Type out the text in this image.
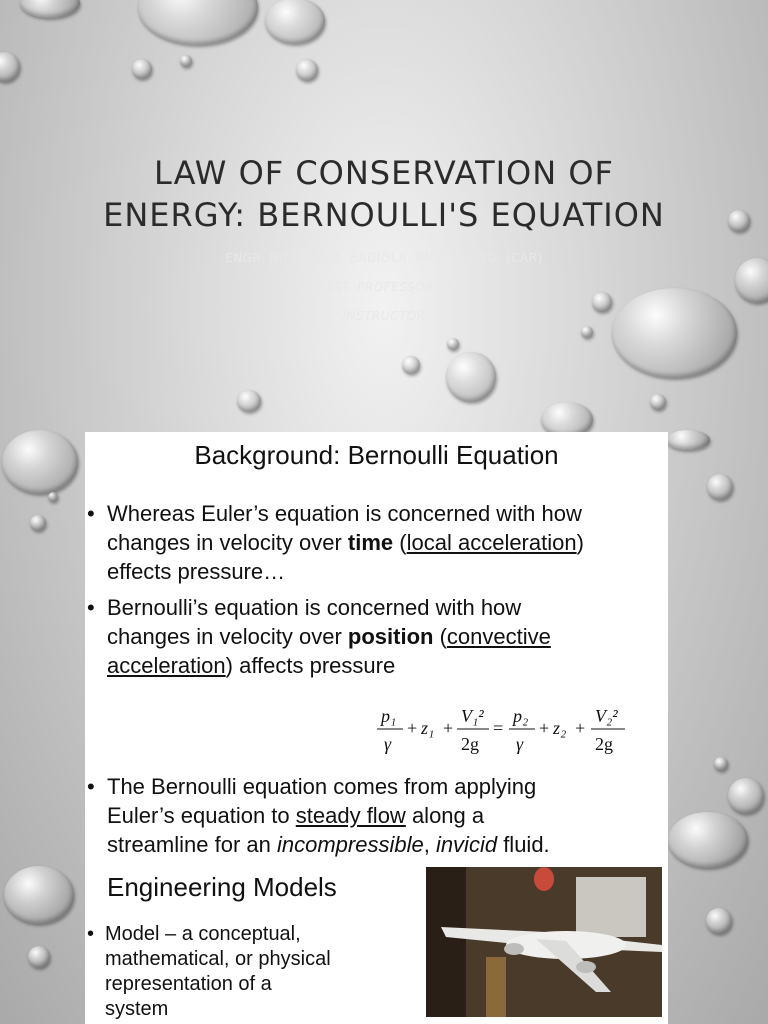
LAW OF CONSERVATION OF
ENERGY: BERNOULLI'S EQUATION
ENGR. RICHARD A. BADIOLA, RMP, D. ENG. (CAR)
ASST. PROFESSOR III
INSTRUCTOR
Background: Bernoulli Equation
• Whereas Euler’s equation is concerned with how
changes in velocity over time (local acceleration)
effects pressure…
• Bernoulli’s equation is concerned with how
changes in velocity over position (convective
acceleration) affects pressure
p₁
γ
+ z₁ +
V₁²
2g
=
p₂
γ
+ z₂ +
V₂²
2g
• The Bernoulli equation comes from applying
Euler’s equation to steady flow along a
streamline for an incompressible, invicid fluid.
Engineering Models
• Model – a conceptual,
mathematical, or physical
representation of a
system
